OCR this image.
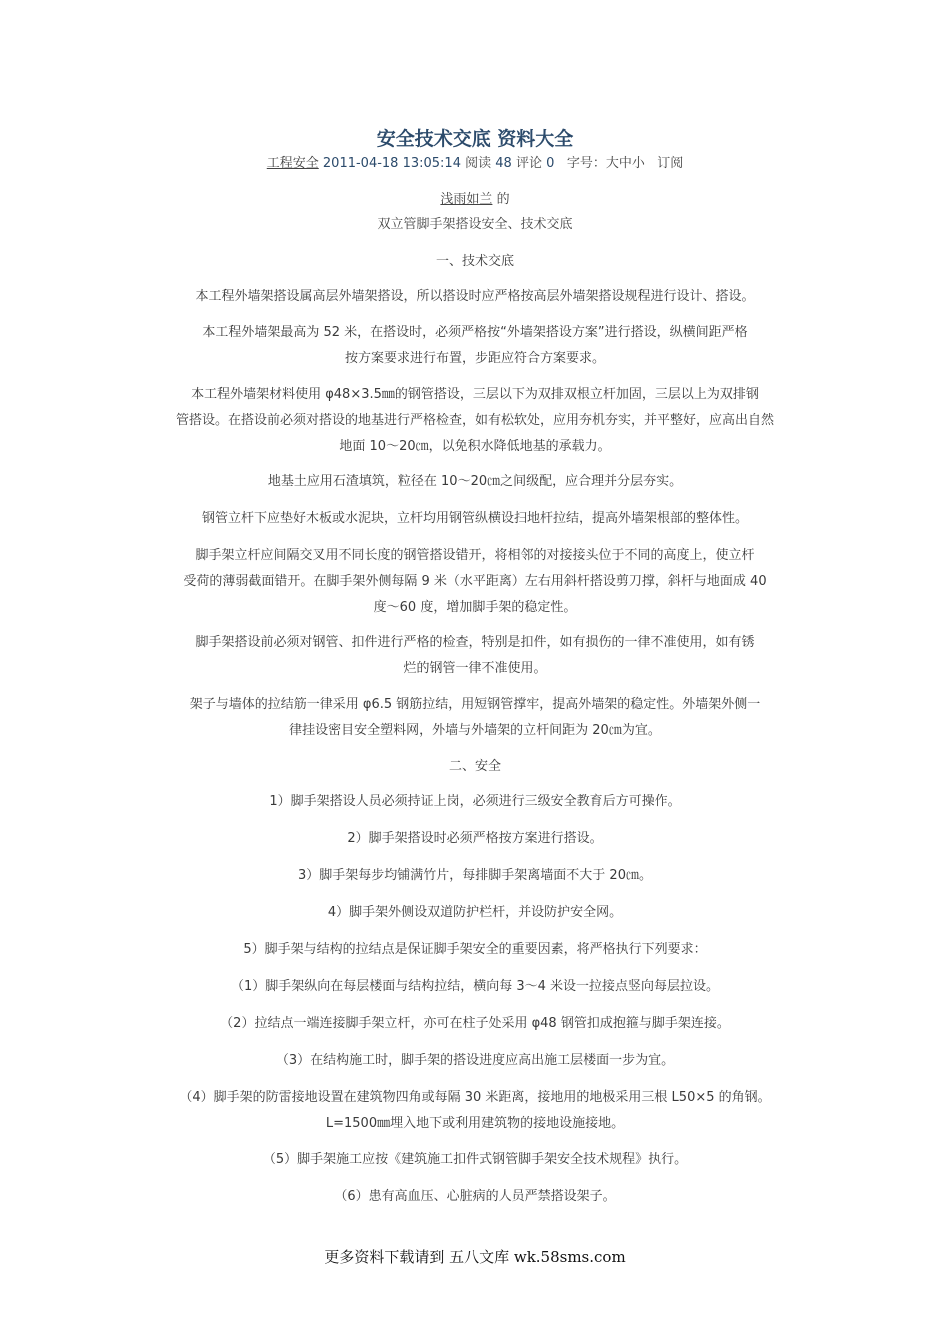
安全技术交底 资料大全
工程安全 2011-04-18 13:05:14 阅读 48 评论 0 字号：大中小 订阅
浅雨如兰 的
双立管脚手架搭设安全、技术交底
一、技术交底
本工程外墙架搭设属高层外墙架搭设，所以搭设时应严格按高层外墙架搭设规程进行设计、搭设。
本工程外墙架最高为 52 米，在搭设时，必须严格按“外墙架搭设方案”进行搭设，纵横间距严格
按方案要求进行布置，步距应符合方案要求。
本工程外墙架材料使用 φ48×3.5㎜的钢管搭设，三层以下为双排双根立杆加固，三层以上为双排钢
管搭设。在搭设前必须对搭设的地基进行严格检查，如有松软处，应用夯机夯实，并平整好，应高出自然
地面 10～20㎝，以免积水降低地基的承载力。
地基土应用石渣填筑，粒径在 10～20㎝之间级配，应合理并分层夯实。
钢管立杆下应垫好木板或水泥块，立杆均用钢管纵横设扫地杆拉结，提高外墙架根部的整体性。
脚手架立杆应间隔交叉用不同长度的钢管搭设错开，将相邻的对接接头位于不同的高度上，使立杆
受荷的薄弱截面错开。在脚手架外侧每隔 9 米（水平距离）左右用斜杆搭设剪刀撑，斜杆与地面成 40
度～60 度，增加脚手架的稳定性。
脚手架搭设前必须对钢管、扣件进行严格的检查，特别是扣件，如有损伤的一律不准使用，如有锈
烂的钢管一律不准使用。
架子与墙体的拉结筋一律采用 φ6.5 钢筋拉结，用短钢管撑牢，提高外墙架的稳定性。外墙架外侧一
律挂设密目安全塑料网，外墙与外墙架的立杆间距为 20㎝为宜。
二、安全
1）脚手架搭设人员必须持证上岗，必须进行三级安全教育后方可操作。
2）脚手架搭设时必须严格按方案进行搭设。
3）脚手架每步均铺满竹片，每排脚手架离墙面不大于 20㎝。
4）脚手架外侧设双道防护栏杆，并设防护安全网。
5）脚手架与结构的拉结点是保证脚手架安全的重要因素，将严格执行下列要求：
（1）脚手架纵向在每层楼面与结构拉结，横向每 3～4 米设一拉接点竖向每层拉设。
（2）拉结点一端连接脚手架立杆，亦可在柱子处采用 φ48 钢管扣成抱箍与脚手架连接。
（3）在结构施工时，脚手架的搭设进度应高出施工层楼面一步为宜。
（4）脚手架的防雷接地设置在建筑物四角或每隔 30 米距离，接地用的地极采用三根 L50×5 的角钢。
L=1500㎜埋入地下或利用建筑物的接地设施接地。
（5）脚手架施工应按《建筑施工扣件式钢管脚手架安全技术规程》执行。
（6）患有高血压、心脏病的人员严禁搭设架子。
更多资料下载请到 五八文库 wk.58sms.com
